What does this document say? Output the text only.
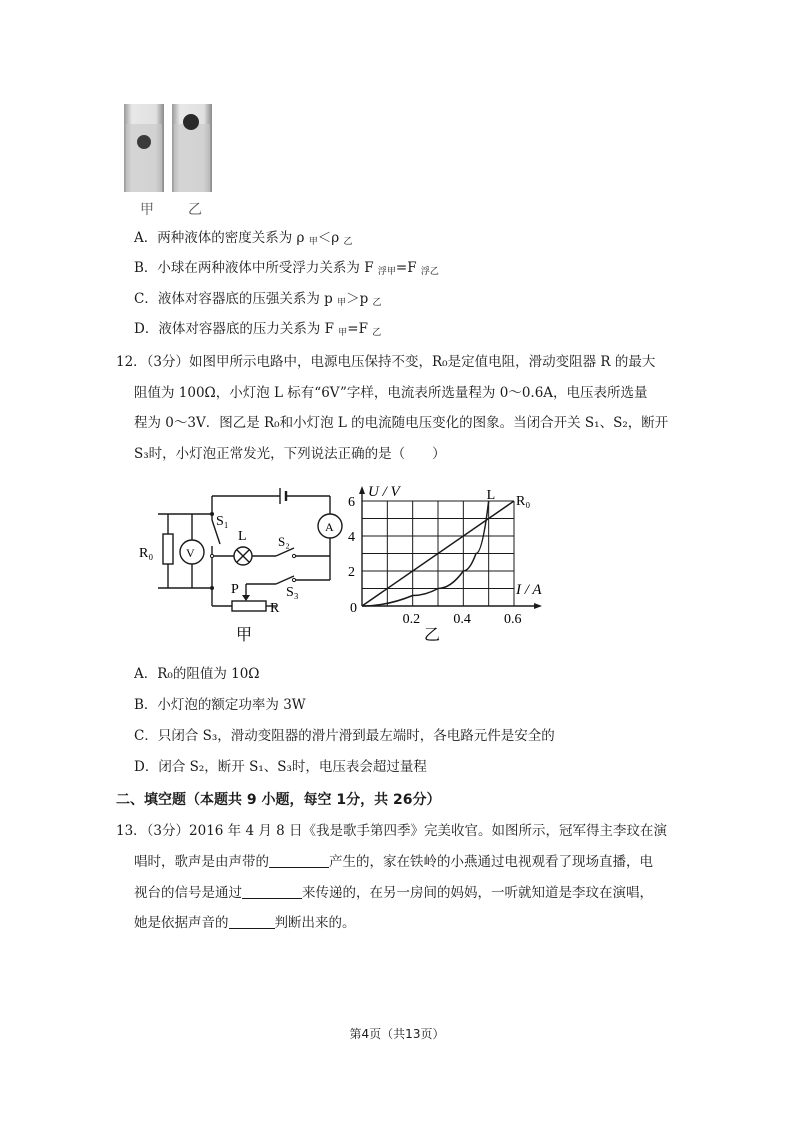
甲 乙
A．两种液体的密度关系为 ρ $_甲$＜ρ $_乙$
B．小球在两种液体中所受浮力关系为 F $_{浮甲}$=F $_{浮乙}$
C．液体对容器底的压强关系为 p $_甲$＞p $_乙$
D．液体对容器底的压力关系为 F $_甲$=F $_乙$
12．（3分）如图甲所示电路中，电源电压保持不变，R₀是定值电阻，滑动变阻器 R 的最大
阻值为 100Ω，小灯泡 L 标有“6V”字样，电流表所选量程为 0～0.6A，电压表所选量
程为 0～3V．图乙是 R₀和小灯泡 L 的电流随电压变化的图象。当闭合开关 S₁、S₂，断开
S₃时，小灯泡正常发光，下列说法正确的是（　　）
R₀	V
A
S₁
L S₂
S₃
P
R
甲
U / V
I / A
2
4
6
0.2 0.4 0.6
0
R₀
L
乙
A．R₀的阻值为 10Ω
B．小灯泡的额定功率为 3W
C．只闭合 S₃，滑动变阻器的滑片滑到最左端时，各电路元件是安全的
D．闭合 S₂，断开 S₁、S₃时，电压表会超过量程
二、填空题（本题共 9 小题，每空 1分，共 26分）
13．（3分）2016 年 4 月 8 日《我是歌手第四季》完美收官。如图所示，冠军得主李玟在演
唱时，歌声是由声带的	产生的，家在铁岭的小燕通过电视观看了现场直播，电
视台的信号是通过	来传递的，在另一房间的妈妈，一听就知道是李玟在演唱，
她是依据声音的	判断出来的。
第4页（共13页）
